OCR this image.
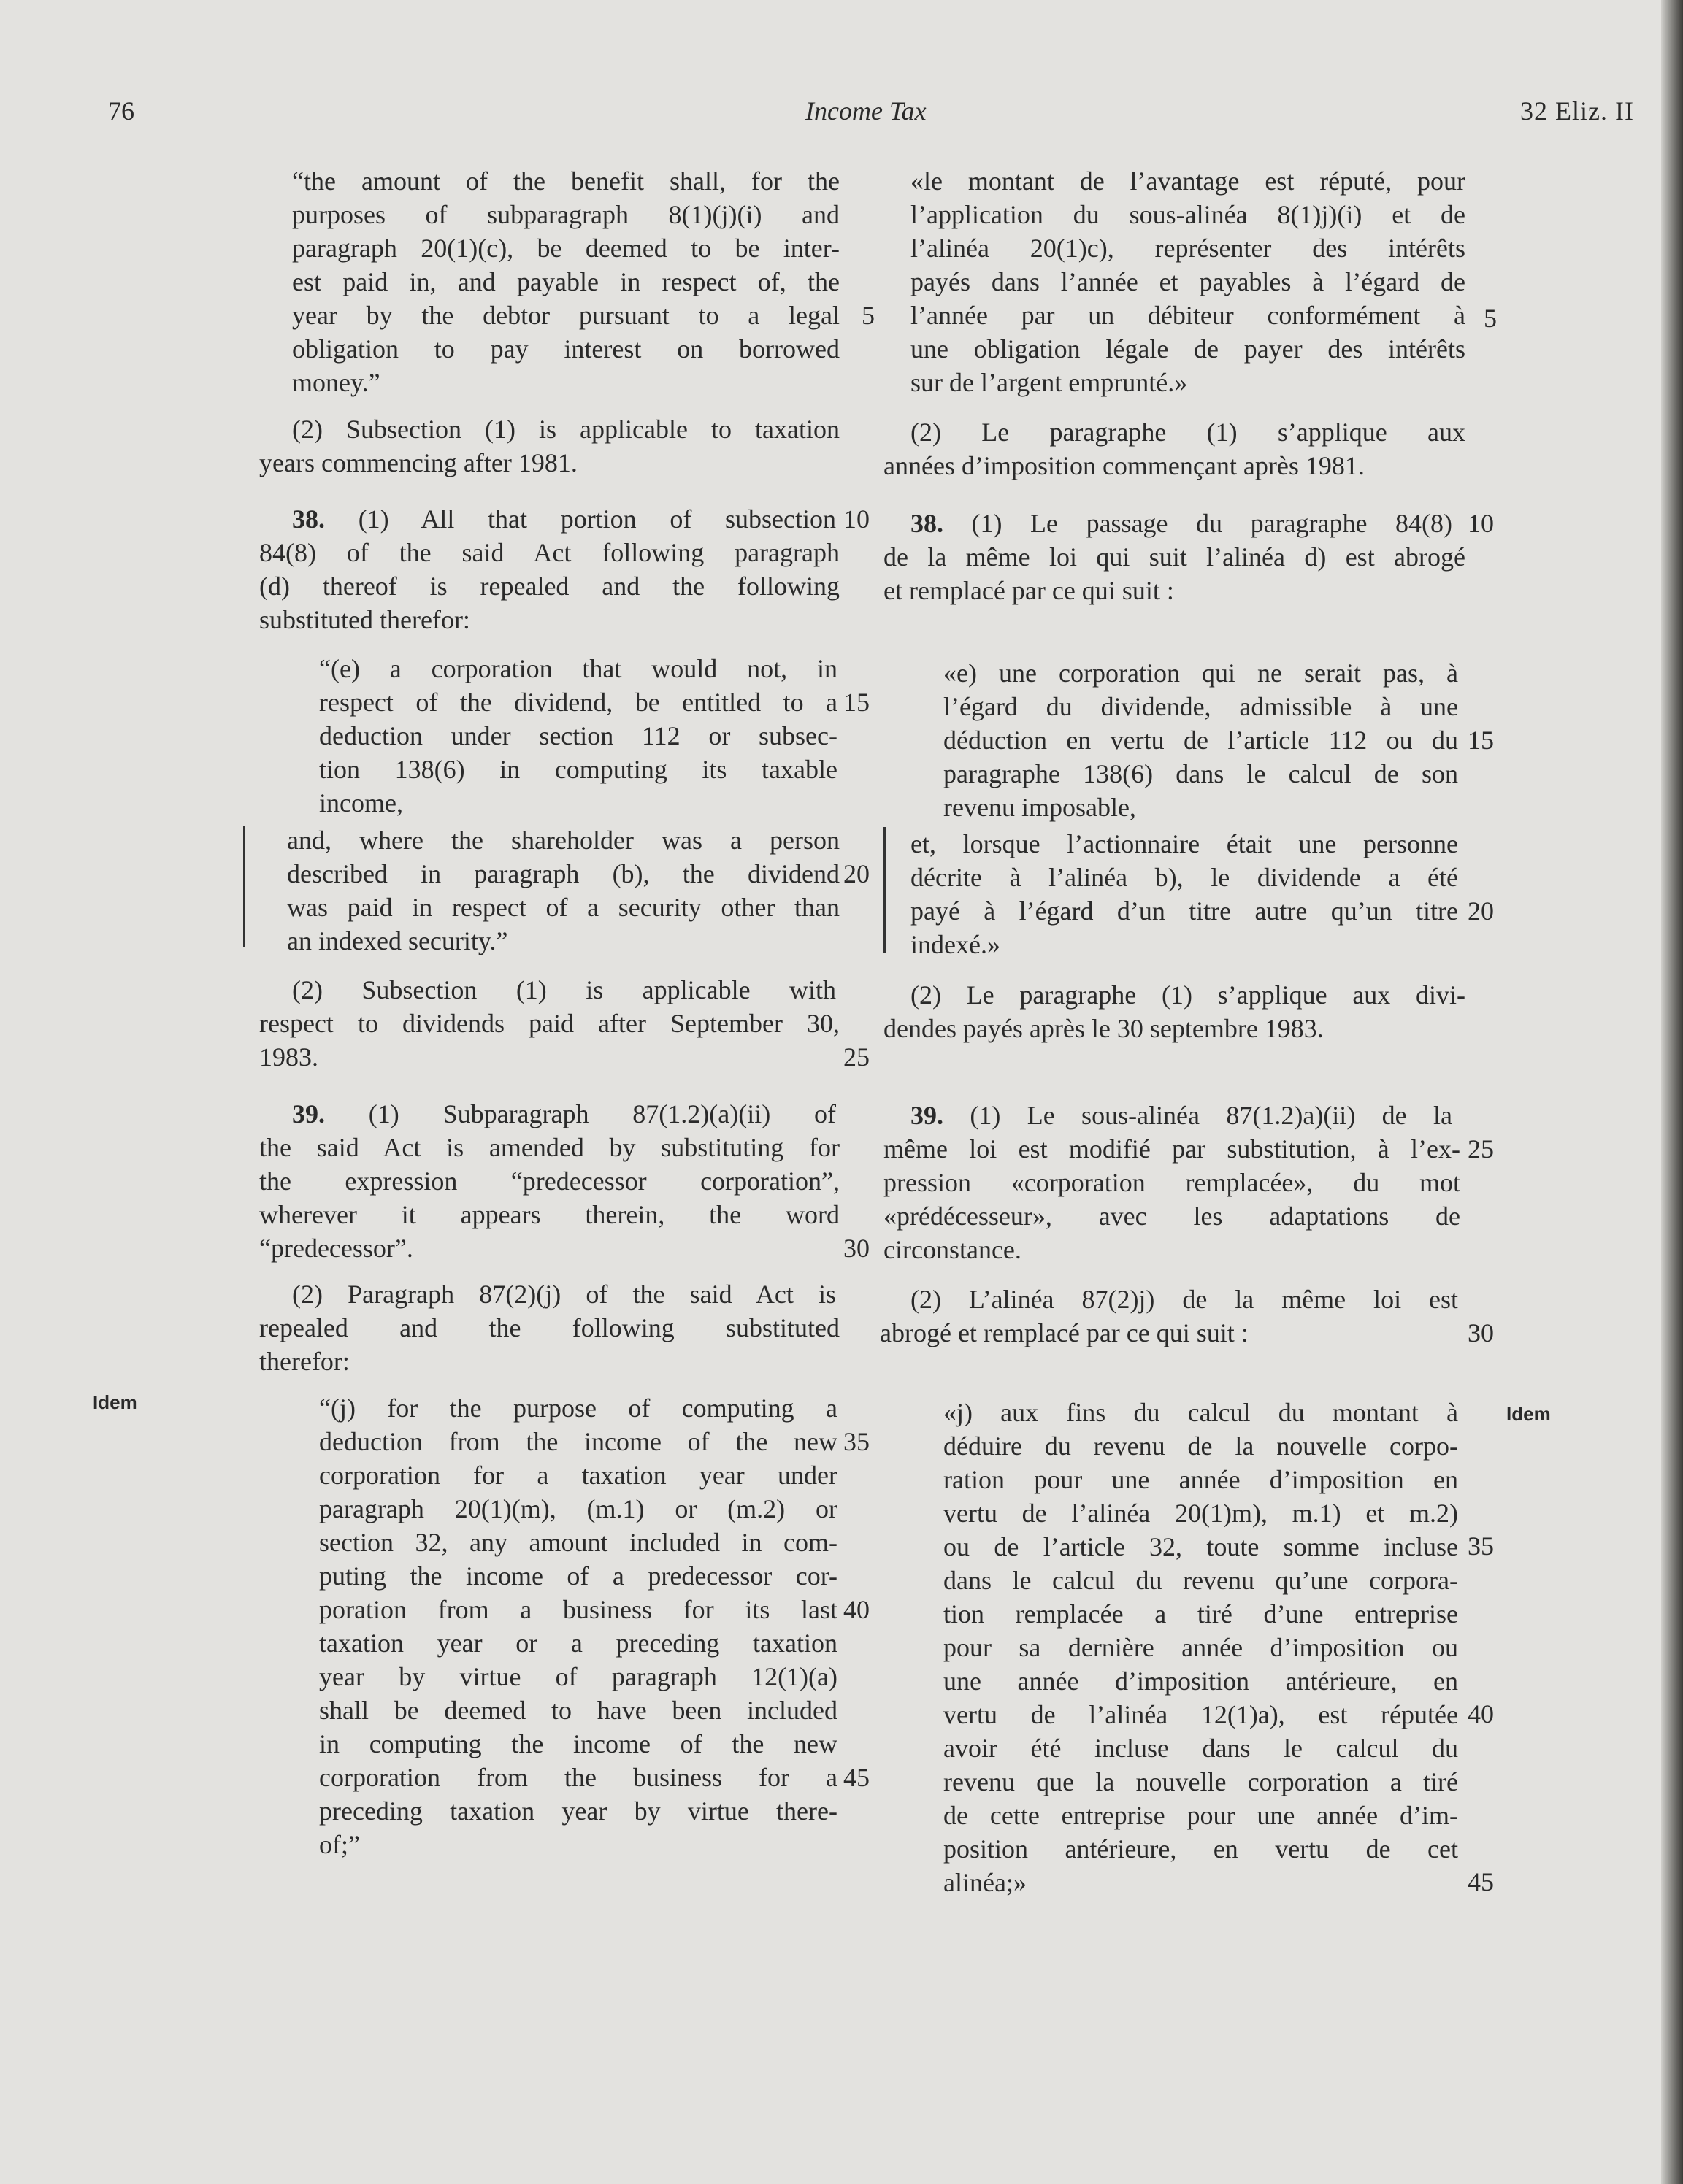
76	Income Tax	32 Eliz. II
Idem
Idem
“the amount of the benefit shall, for the
purposes of subparagraph 8(1)(j)(i) and
paragraph 20(1)(c), be deemed to be inter-
est paid in, and payable in respect of, the
year by the debtor pursuant to a legal
obligation to pay interest on borrowed
money.”
(2) Subsection (1) is applicable to taxation
years commencing after 1981.
38. (1) All that portion of subsection
84(8) of the said Act following paragraph
(d) thereof is repealed and the following
substituted therefor:
“(e) a corporation that would not, in
respect of the dividend, be entitled to a
deduction under section 112 or subsec-
tion 138(6) in computing its taxable
income,
and, where the shareholder was a person
described in paragraph (b), the dividend
was paid in respect of a security other than
an indexed security.”
(2) Subsection (1) is applicable with
respect to dividends paid after September 30,
1983.
39. (1) Subparagraph 87(1.2)(a)(ii) of
the said Act is amended by substituting for
the expression “predecessor corporation”,
wherever it appears therein, the word
“predecessor”.
(2) Paragraph 87(2)(j) of the said Act is
repealed and the following substituted
therefor:
“(j) for the purpose of computing a
deduction from the income of the new
corporation for a taxation year under
paragraph 20(1)(m), (m.1) or (m.2) or
section 32, any amount included in com-
puting the income of a predecessor cor-
poration from a business for its last
taxation year or a preceding taxation
year by virtue of paragraph 12(1)(a)
shall be deemed to have been included
in computing the income of the new
corporation from the business for a
preceding taxation year by virtue there-
of;”
5
10
15
20
25
30
35
40
45
«le montant de l’avantage est réputé, pour
l’application du sous-alinéa 8(1)j)(i) et de
l’alinéa 20(1)c), représenter des intérêts
payés dans l’année et payables à l’égard de
l’année par un débiteur conformément à
une obligation légale de payer des intérêts
sur de l’argent emprunté.»
(2) Le paragraphe (1) s’applique aux
années d’imposition commençant après 1981.
38. (1) Le passage du paragraphe 84(8)
de la même loi qui suit l’alinéa d) est abrogé
et remplacé par ce qui suit :
«e) une corporation qui ne serait pas, à
l’égard du dividende, admissible à une
déduction en vertu de l’article 112 ou du
paragraphe 138(6) dans le calcul de son
revenu imposable,
et, lorsque l’actionnaire était une personne
décrite à l’alinéa b), le dividende a été
payé à l’égard d’un titre autre qu’un titre
indexé.»
(2) Le paragraphe (1) s’applique aux divi-
dendes payés après le 30 septembre 1983.
39. (1) Le sous-alinéa 87(1.2)a)(ii) de la
même loi est modifié par substitution, à l’ex-
pression «corporation remplacée», du mot
«prédécesseur», avec les adaptations de
circonstance.
(2) L’alinéa 87(2)j) de la même loi est
abrogé et remplacé par ce qui suit :
«j) aux fins du calcul du montant à
déduire du revenu de la nouvelle corpo-
ration pour une année d’imposition en
vertu de l’alinéa 20(1)m), m.1) et m.2)
ou de l’article 32, toute somme incluse
dans le calcul du revenu qu’une corpora-
tion remplacée a tiré d’une entreprise
pour sa dernière année d’imposition ou
une année d’imposition antérieure, en
vertu de l’alinéa 12(1)a), est réputée
avoir été incluse dans le calcul du
revenu que la nouvelle corporation a tiré
de cette entreprise pour une année d’im-
position antérieure, en vertu de cet
alinéa;»
5
10
15
20
25
30
35
40
45
